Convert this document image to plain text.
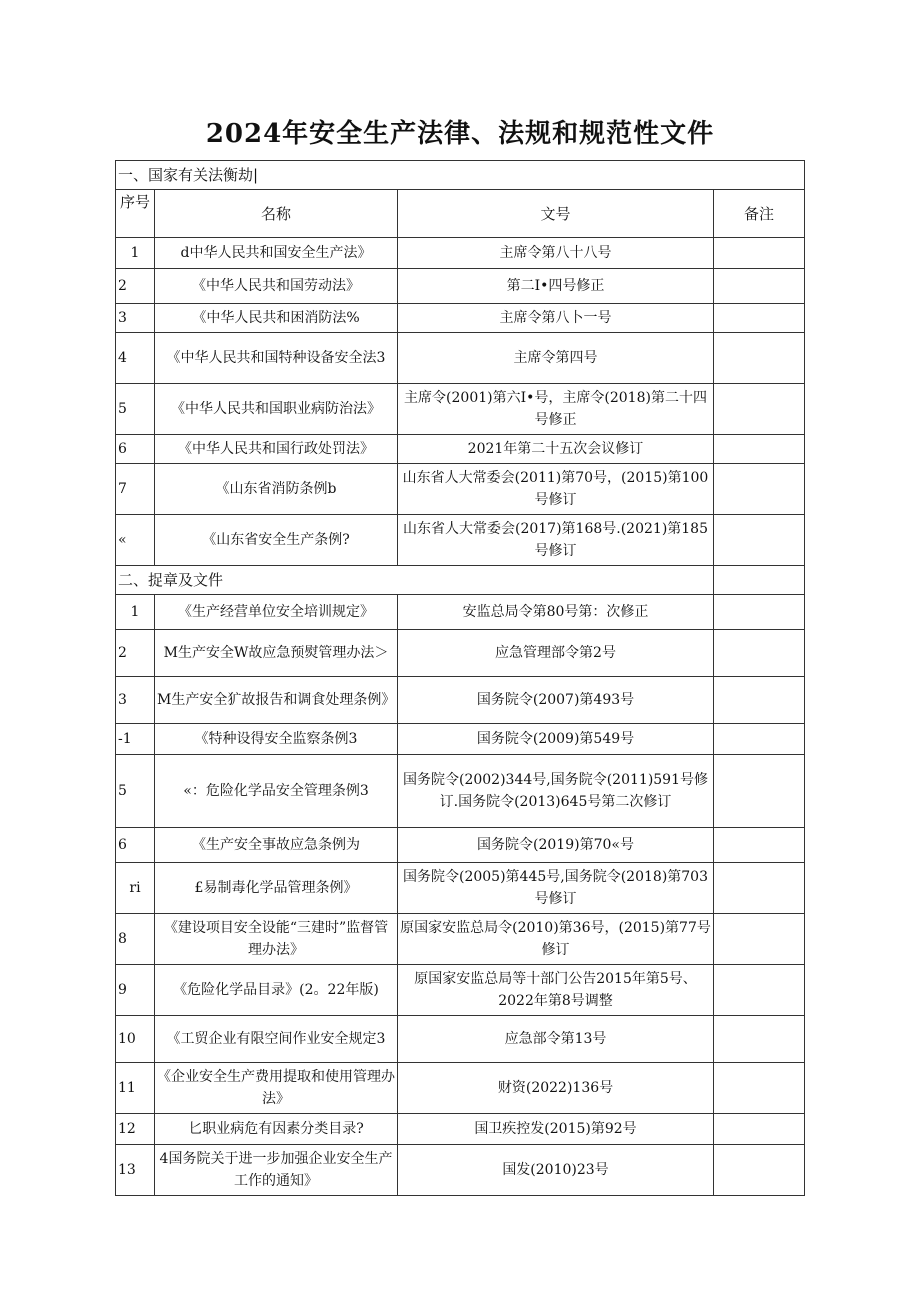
2024年安全生产法律、法规和规范性文件
一、国家有关法衡劫|			
序号	名称	文号	备注
1	d中华人民共和国安全生产法》	主席令第八十八号	
2	《中华人民共和国劳动法》	第二I•四号修正	
3	《中华人民共和困消防法%	主席令第八卜一号	
4	《中华人民共和国特种设备安全法3	主席令第四号	
5	《中华人民共和国职业病防治法》	主席令(2001)第六I•号，主席令(2018)第二十四号修正	
6	《中华人民共和国行政处罚法》	2021年第二十五次会议修订	
7	《山东省消防条例b	山东省人大常委会(2011)第70号，(2015)第100号修订	
«	《山东省安全生产条例?	山东省人大常委会(2017)第168号.(2021)第185号修订	
二、捉章及文件			
1	《生产经营单位安全培训规定》	安监总局令第80号第：次修正	
2	M生产安全W故应急预熨管理办法＞	应急管理部令第2号	
3	M生产安全犷故报告和调食处理条例》	国务院令(2007)第493号	
-1	《特种设得安全监察条例3	国务院令(2009)第549号	
5	«：危险化学品安全管理条例3	国务院令(2002)344号,国务院令(2011)591号修订.国务院令(2013)645号第二次修订	
6	《生产安全事故应急条例为	国务院令(2019)第70«号	
ri	£易制毒化学品管理条例》	国务院令(2005)第445号,国务院令(2018)第703号修订	
8	《建设项目安全设能“三建时”监督管理办法》	原国家安监总局令(2010)第36号，(2015)第77号修订	
9	《危险化学品目录》(2。22年版)	原国家安监总局等十部门公告2015年第5号、2022年第8号调整	
10	《工贸企业有限空间作业安全规定3	应急部令第13号	
11	《企业安全生产费用提取和使用管理办法》	财资(2022)136号	
12	匕职业病危有因素分类目录?	国卫疾控发(2015)第92号	
13	4国务院关于进一步加强企业安全生产工作的通知》	国发(2010)23号	
